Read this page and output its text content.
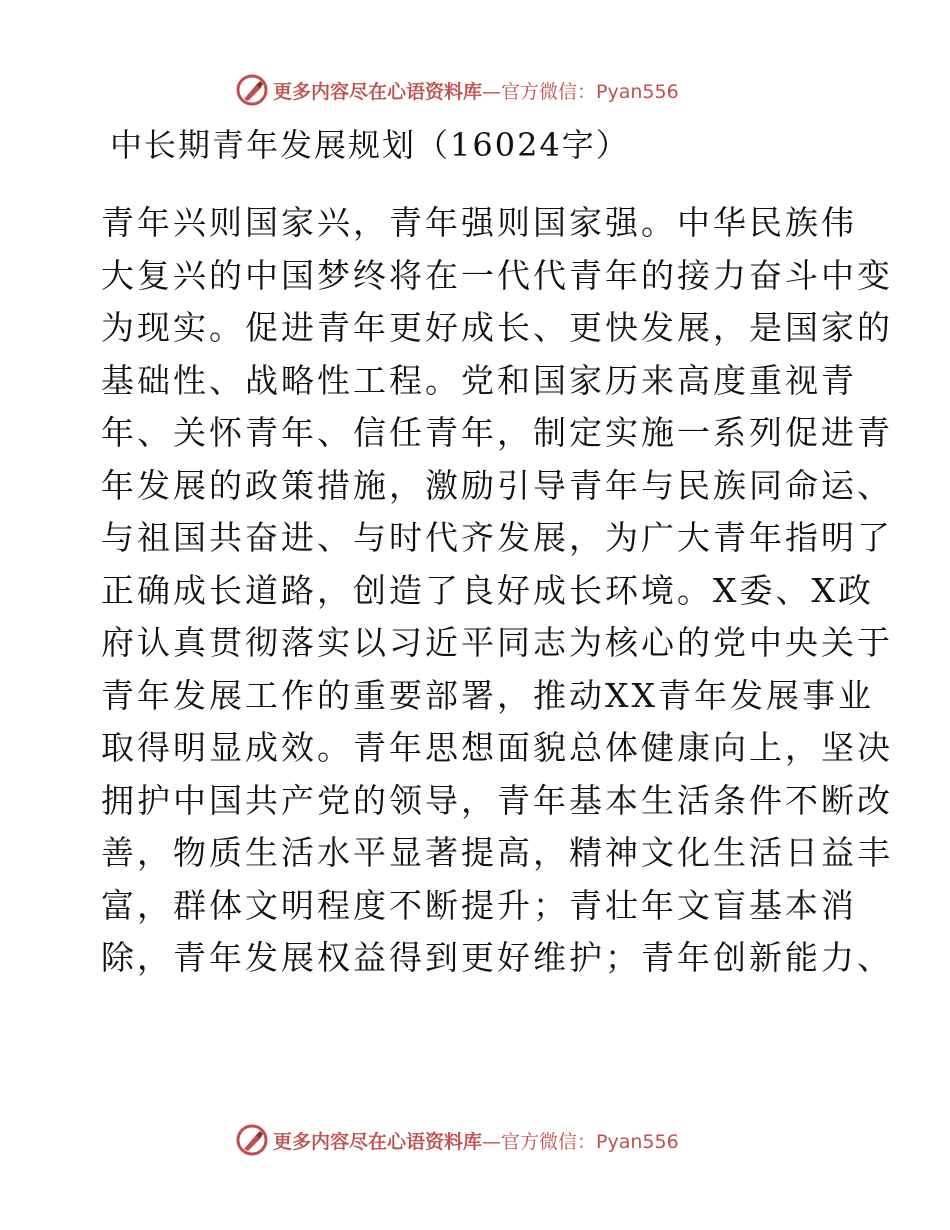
更多内容尽在心语资料库 —官方微信：Pyan556
中长期青年发展规划（16024字）
青年兴则国家兴，青年强则国家强。中华民族伟
大复兴的中国梦终将在一代代青年的接力奋斗中变
为现实。促进青年更好成长、更快发展，是国家的
基础性、战略性工程。党和国家历来高度重视青
年、关怀青年、信任青年，制定实施一系列促进青
年发展的政策措施，激励引导青年与民族同命运、
与祖国共奋进、与时代齐发展，为广大青年指明了
正确成长道路，创造了良好成长环境。X委、X政
府认真贯彻落实以习近平同志为核心的党中央关于
青年发展工作的重要部署，推动XX青年发展事业
取得明显成效。青年思想面貌总体健康向上，坚决
拥护中国共产党的领导，青年基本生活条件不断改
善，物质生活水平显著提高，精神文化生活日益丰
富，群体文明程度不断提升；青壮年文盲基本消
除，青年发展权益得到更好维护；青年创新能力、
更多内容尽在心语资料库 —官方微信：Pyan556
